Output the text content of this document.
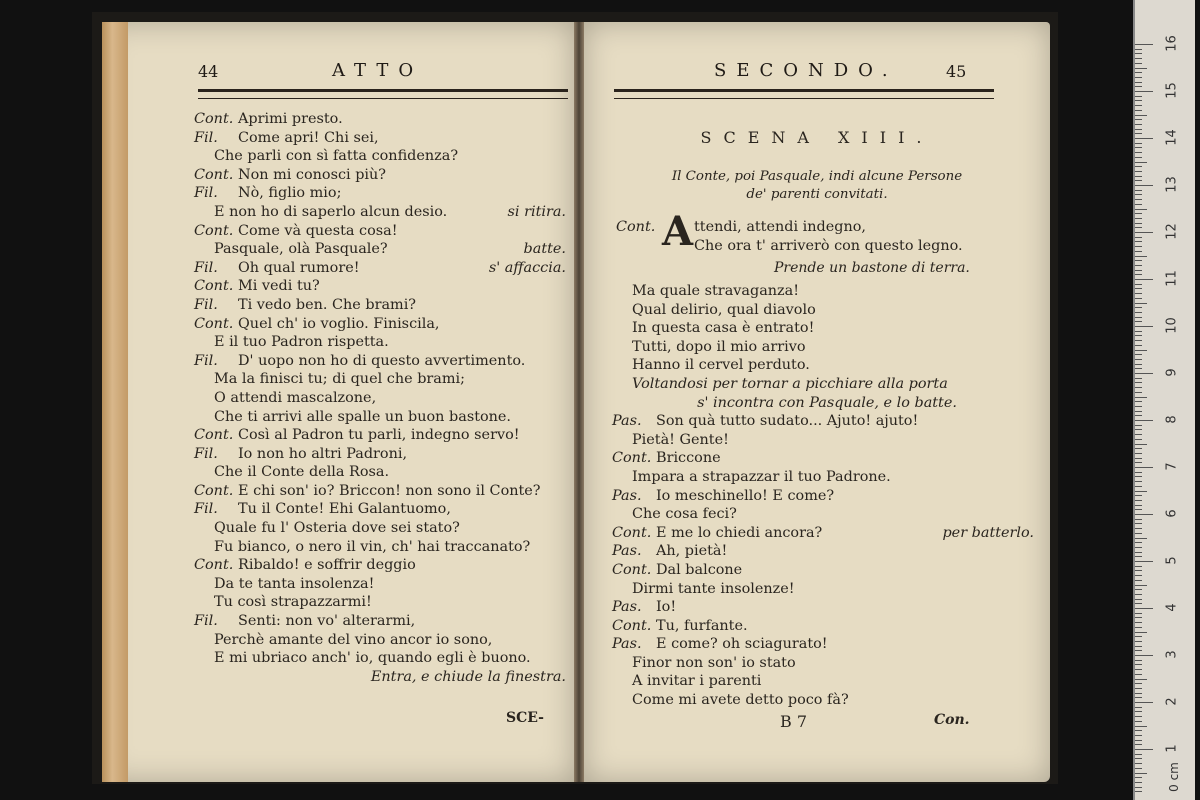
44	ATTO
Cont. Aprimi presto.
Fil. Come apri! Chi sei,
Che parli con sì fatta confidenza?
Cont. Non mi conosci più?
Fil. Nò, figlio mio;
E non ho di saperlo alcun desio.	si ritira.
Cont. Come và questa cosa!
Pasquale, olà Pasquale?	batte.
Fil. Oh qual rumore!	s' affaccia.
Cont. Mi vedi tu?
Fil. Ti vedo ben. Che brami?
Cont. Quel ch' io voglio. Finiscila,
E il tuo Padron rispetta.
Fil. D' uopo non ho di questo avvertimento.
Ma la finisci tu; di quel che brami;
O attendi mascalzone,
Che ti arrivi alle spalle un buon bastone.
Cont. Così al Padron tu parli, indegno servo!
Fil. Io non ho altri Padroni,
Che il Conte della Rosa.
Cont. E chi son' io? Briccon! non sono il Conte?
Fil. Tu il Conte! Ehi Galantuomo,
Quale fu l' Osteria dove sei stato?
Fu bianco, o nero il vin, ch' hai traccanato?
Cont. Ribaldo! e soffrir deggio
Da te tanta insolenza!
Tu così strapazzarmi!
Fil. Senti: non vo' alterarmi,
Perchè amante del vino ancor io sono,
E mi ubriaco anch' io, quando egli è buono.
Entra, e chiude la finestra.
SCE-
SECONDO.	45
SCENA XIII.
Il Conte, poi Pasquale, indi alcune Persone
de' parenti convitati.
Cont. A ttendi, attendi indegno,
Che ora t' arriverò con questo legno.
Prende un bastone di terra.
Ma quale stravaganza!
Qual delirio, qual diavolo
In questa casa è entrato!
Tutti, dopo il mio arrivo
Hanno il cervel perduto.
Voltandosi per tornar a picchiare alla porta
s' incontra con Pasquale, e lo batte.
Pas. Son quà tutto sudato... Ajuto! ajuto!
Pietà! Gente!
Cont. Briccone
Impara a strapazzar il tuo Padrone.
Pas. Io meschinello! E come?
Che cosa feci?
Cont. E me lo chiedi ancora?	per batterlo.
Pas. Ah, pietà!
Cont. Dal balcone
Dirmi tante insolenze!
Pas. Io!
Cont. Tu, furfante.
Pas. E come? oh sciagurato!
Finor non son' io stato
A invitar i parenti
Come mi avete detto poco fà?
B 7	Con.
0 cm
16
15
14
13
12
11
10
9
8
7
6
5
4
3
2
1
